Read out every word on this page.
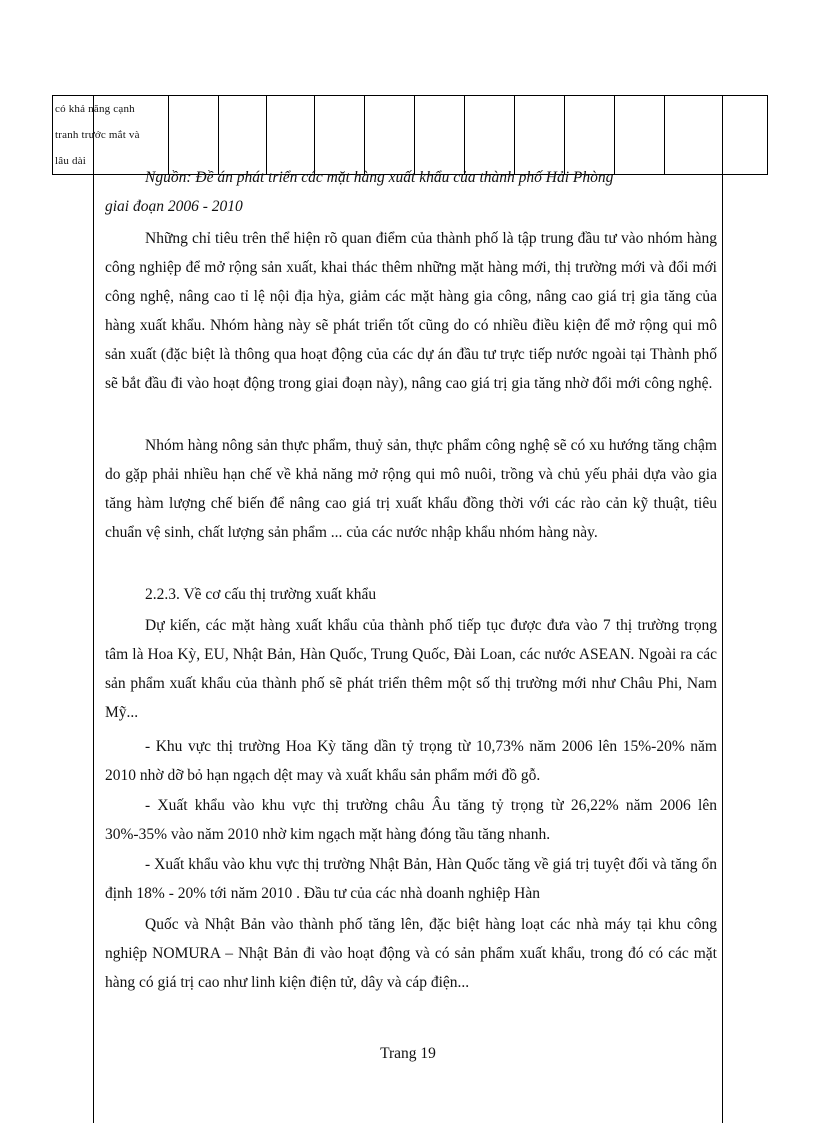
có khả năng cạnh
tranh trước mắt và
lâu dài

Nguồn: Đề án phát triển các mặt hàng xuất khẩu của thành phố Hải Phòng
giai đoạn 2006 - 2010
Những chỉ tiêu trên thể hiện rõ quan điểm của thành phố là tập trung đầu tư vào nhóm hàng công nghiệp để mở rộng sản xuất, khai thác thêm những mặt hàng mới, thị trường mới và đổi mới công nghệ, nâng cao tỉ lệ nội địa hỳa, giảm các mặt hàng gia công, nâng cao giá trị gia tăng của hàng xuất khẩu. Nhóm hàng này sẽ phát triển tốt cũng do có nhiều điều kiện để mở rộng qui mô sản xuất (đặc biệt là thông qua hoạt động của các dự án đầu tư trực tiếp nước ngoài tại Thành phố sẽ bắt đầu đi vào hoạt động trong giai đoạn này), nâng cao giá trị gia tăng nhờ đổi mới công nghệ.
Nhóm hàng nông sản thực phẩm, thuỷ sản, thực phẩm công nghệ sẽ có xu hướng tăng chậm do gặp phải nhiều hạn chế về khả năng mở rộng qui mô nuôi, trồng và chủ yếu phải dựa vào gia tăng hàm lượng chế biến để nâng cao giá trị xuất khẩu đồng thời với các rào cản kỹ thuật, tiêu chuẩn vệ sinh, chất lượng sản phẩm ... của các nước nhập khẩu nhóm hàng này.
2.2.3. Về cơ cấu thị trường xuất khẩu
Dự kiến, các mặt hàng xuất khẩu của thành phố tiếp tục được đưa vào 7 thị trường trọng tâm là Hoa Kỳ, EU, Nhật Bản, Hàn Quốc, Trung Quốc, Đài Loan, các nước ASEAN. Ngoài ra các sản phẩm xuất khẩu của thành phố sẽ phát triển thêm một số thị trường mới như Châu Phi, Nam Mỹ...
- Khu vực thị trường Hoa Kỳ tăng dần tỷ trọng từ 10,73% năm 2006 lên 15%-20% năm 2010 nhờ dỡ bỏ hạn ngạch dệt may và xuất khẩu sản phẩm mới đồ gỗ.
- Xuất khẩu vào khu vực thị trường châu Âu tăng tỷ trọng từ 26,22% năm 2006 lên 30%-35% vào năm 2010 nhờ kim ngạch mặt hàng đóng tầu tăng nhanh.
- Xuất khẩu vào khu vực thị trường Nhật Bản, Hàn Quốc tăng về giá trị tuyệt đối và tăng ổn định 18% - 20% tới năm 2010 . Đầu tư của các nhà doanh nghiệp Hàn
Quốc và Nhật Bản vào thành phố tăng lên, đặc biệt hàng loạt các nhà máy tại khu công nghiệp NOMURA – Nhật Bản đi vào hoạt động và có sản phẩm xuất khẩu, trong đó có các mặt hàng có giá trị cao như linh kiện điện tử, dây và cáp điện...
Trang 19
